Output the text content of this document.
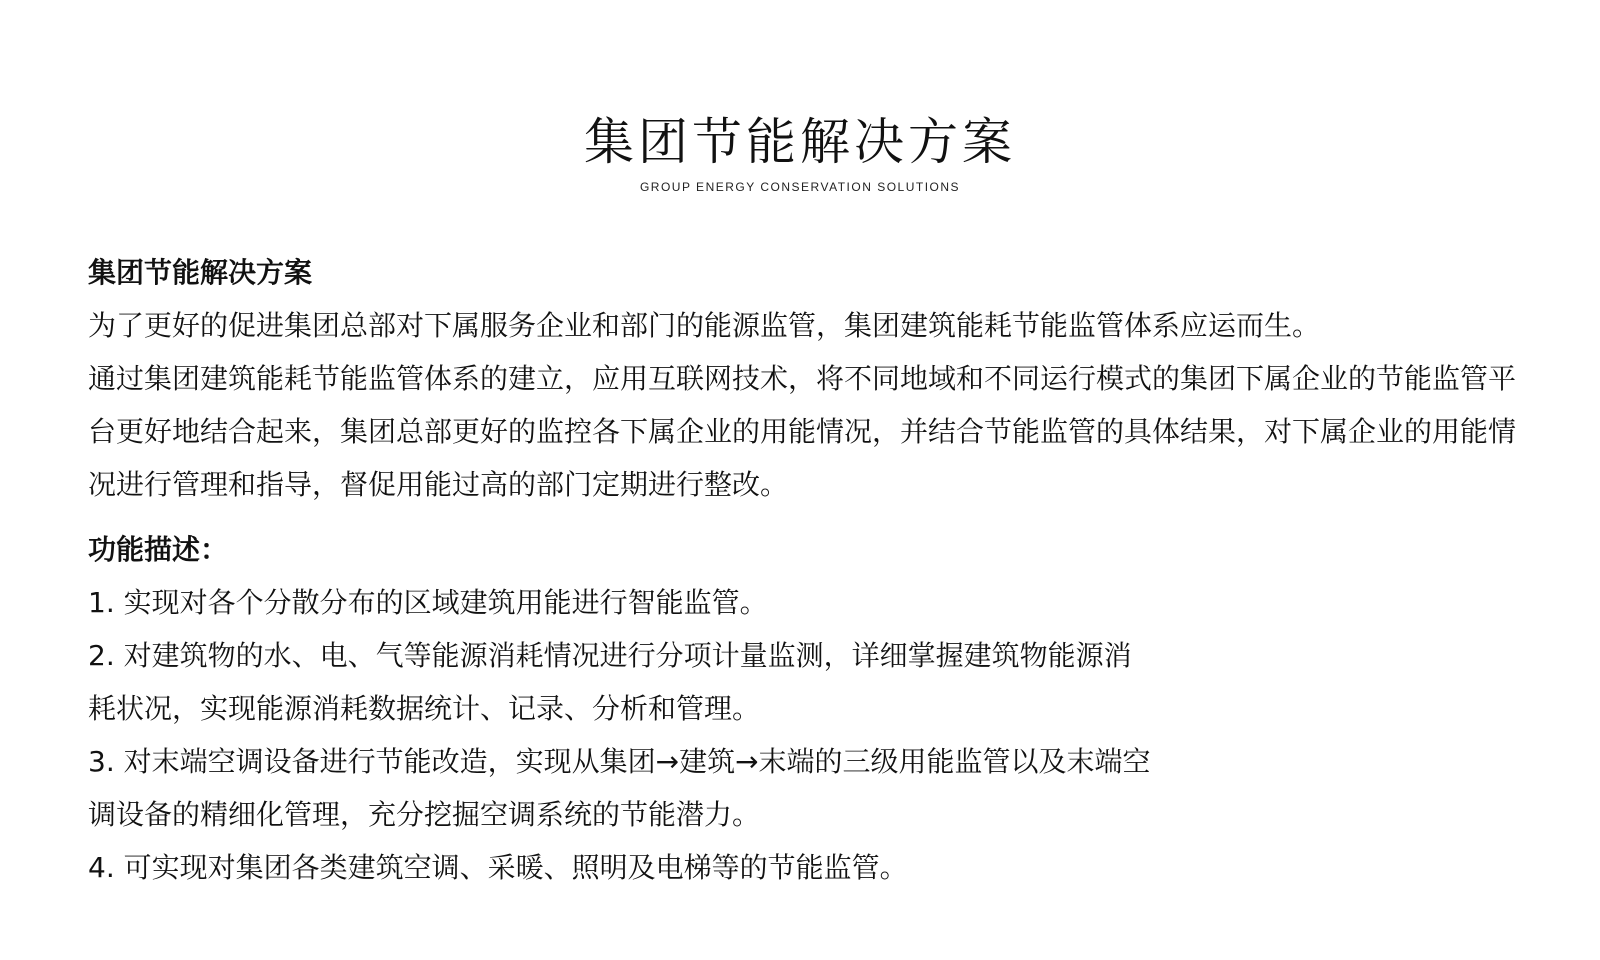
集团节能解决方案
GROUP ENERGY CONSERVATION SOLUTIONS
集团节能解决方案

为了更好的促进集团总部对下属服务企业和部门的能源监管，集团建筑能耗节能监管体系应运而生。

通过集团建筑能耗节能监管体系的建立，应用互联网技术，将不同地域和不同运行模式的集团下属企业的节能监管平台更好地结合起来，集团总部更好的监控各下属企业的用能情况，并结合节能监管的具体结果，对下属企业的用能情况进行管理和指导，督促用能过高的部门定期进行整改。

功能描述：

1. 实现对各个分散分布的区域建筑用能进行智能监管。

2. 对建筑物的水、电、气等能源消耗情况进行分项计量监测，详细掌握建筑物能源消耗状况，实现能源消耗数据统计、记录、分析和管理。

3. 对末端空调设备进行节能改造，实现从集团→建筑→末端的三级用能监管以及末端空调设备的精细化管理，充分挖掘空调系统的节能潜力。

4. 可实现对集团各类建筑空调、采暖、照明及电梯等的节能监管。
